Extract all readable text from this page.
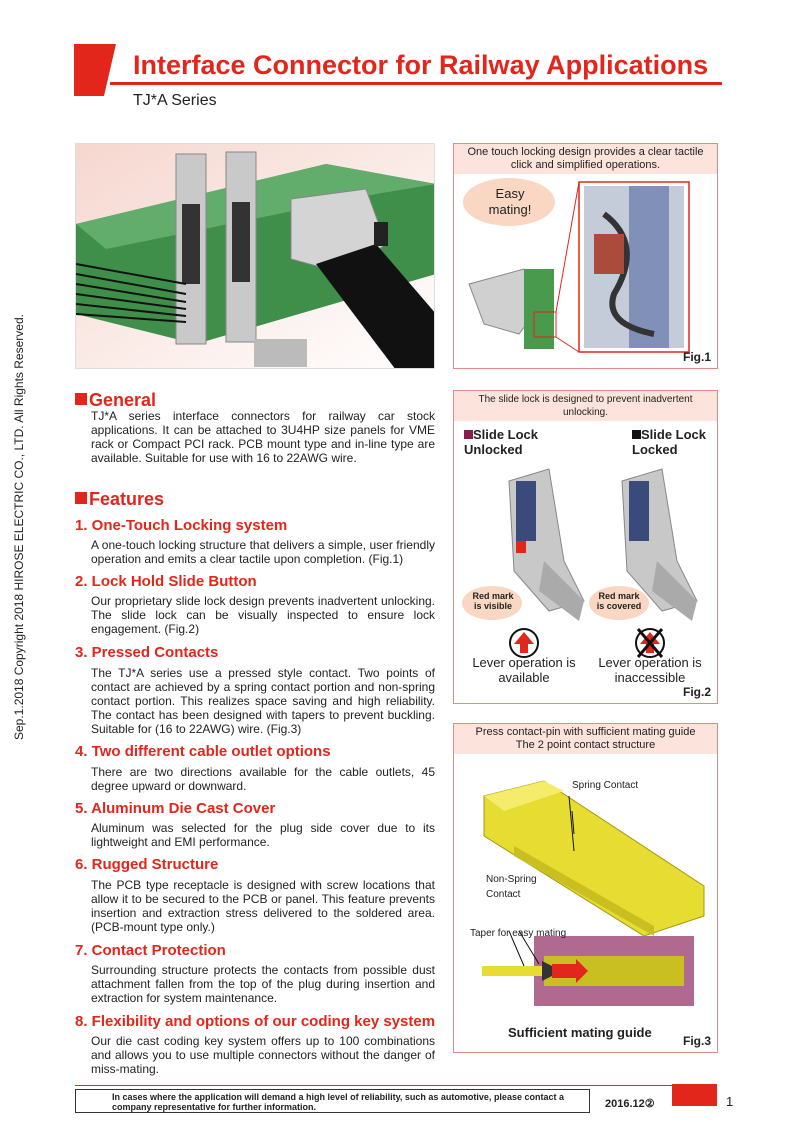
Interface Connector for Railway Applications
TJ*A Series
Sep.1.2018 Copyright 2018 HIROSE ELECTRIC CO., LTD. All Rights Reserved.
One touch locking design provides a clear tactile click and simplified operations.
Easy mating!
Fig.1
The slide lock is designed to prevent inadvertent unlocking.
Slide Lock Unlocked
Slide Lock Locked
Red mark is visible
Red mark is covered
Lever operation is available
Lever operation is inaccessible
Fig.2
Press contact-pin with sufficient mating guide
The 2 point contact structure
Spring Contact
Non-Spring Contact
Taper for easy mating
Sufficient mating guide
Fig.3
General
TJ*A series interface connectors for railway car stock applications. It can be attached to 3U4HP size panels for VME rack or Compact PCI rack. PCB mount type and in-line type are available. Suitable for use with 16 to 22AWG wire.
Features
1. One-Touch Locking system
A one-touch locking structure that delivers a simple, user friendly operation and emits a clear tactile upon completion. (Fig.1)
2. Lock Hold Slide Button
Our proprietary slide lock design prevents inadvertent unlocking. The slide lock can be visually inspected to ensure lock engagement. (Fig.2)
3. Pressed Contacts
The TJ*A series use a pressed style contact. Two points of contact are achieved by a spring contact portion and non-spring contact portion. This realizes space saving and high reliability. The contact has been designed with tapers to prevent buckling. Suitable for (16 to 22AWG) wire. (Fig.3)
4. Two different cable outlet options
There are two directions available for the cable outlets, 45 degree upward or downward.
5. Aluminum Die Cast Cover
Aluminum was selected for the plug side cover due to its lightweight and EMI performance.
6. Rugged Structure
The PCB type receptacle is designed with screw locations that allow it to be secured to the PCB or panel. This feature prevents insertion and extraction stress delivered to the soldered area. (PCB-mount type only.)
7. Contact Protection
Surrounding structure protects the contacts from possible dust attachment fallen from the top of the plug during insertion and extraction for system maintenance.
8. Flexibility and options of our coding key system
Our die cast coding key system offers up to 100 combinations and allows you to use multiple connectors without the danger of miss-mating.
In cases where the application will demand a high level of reliability, such as automotive, please contact a company representative for further information.	2016.12②	1
